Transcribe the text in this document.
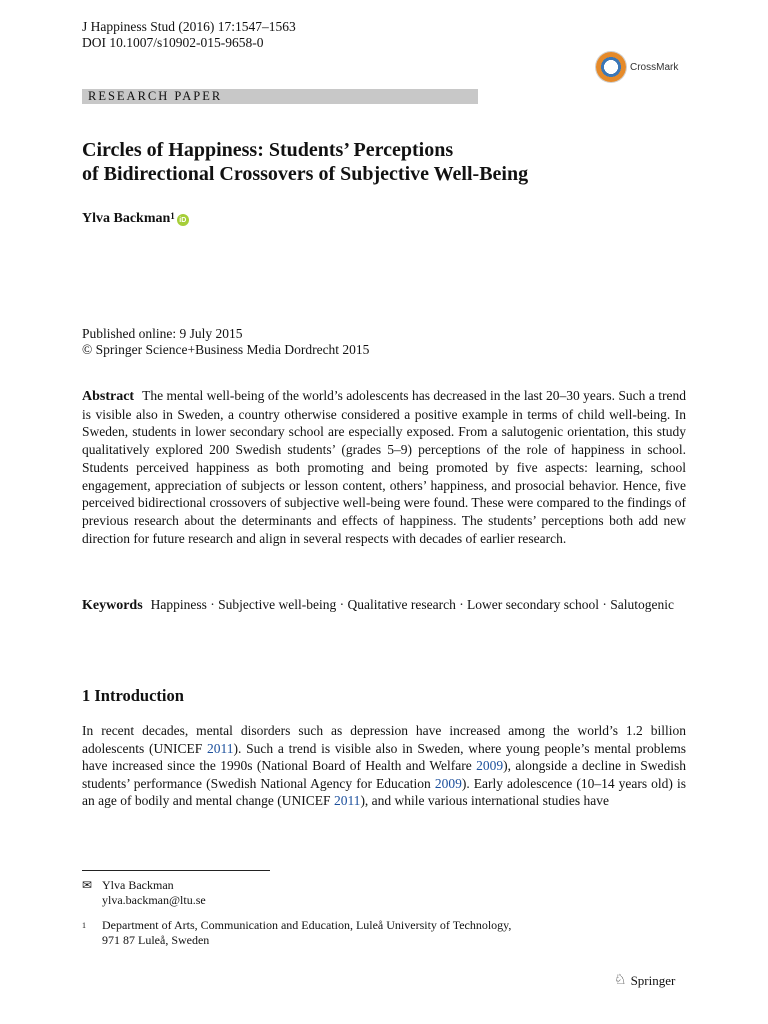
J Happiness Stud (2016) 17:1547–1563
DOI 10.1007/s10902-015-9658-0
CrossMark
RESEARCH PAPER
Circles of Happiness: Students’ Perceptions
of Bidirectional Crossovers of Subjective Well-Being
Ylva Backman$^1$ iD
Published online: 9 July 2015
© Springer Science+Business Media Dordrecht 2015
Abstract The mental well-being of the world’s adolescents has decreased in the last 20–30 years. Such a trend is visible also in Sweden, a country otherwise considered a positive example in terms of child well-being. In Sweden, students in lower secondary school are especially exposed. From a salutogenic orientation, this study qualitatively explored 200 Swedish students’ (grades 5–9) perceptions of the role of happiness in school. Students perceived happiness as both promoting and being promoted by five aspects: learning, school engagement, appreciation of subjects or lesson content, others’ happiness, and prosocial behavior. Hence, five perceived bidirectional crossovers of subjective well-being were found. These were compared to the findings of previous research about the determinants and effects of happiness. The students’ perceptions both add new direction for future research and align in several respects with decades of earlier research.
Keywords Happiness · Subjective well-being · Qualitative research · Lower secondary school · Salutogenic
1 Introduction
In recent decades, mental disorders such as depression have increased among the world’s 1.2 billion adolescents (UNICEF 2011). Such a trend is visible also in Sweden, where young people’s mental problems have increased since the 1990s (National Board of Health and Welfare 2009), alongside a decline in Swedish students’ performance (Swedish National Agency for Education 2009). Early adolescence (10–14 years old) is an age of bodily and mental change (UNICEF 2011), and while various international studies have
✉ Ylva Backman
ylva.backman@ltu.se
$^1$ Department of Arts, Communication and Education, Luleå University of Technology,
971 87 Luleå, Sweden
♘ Springer
